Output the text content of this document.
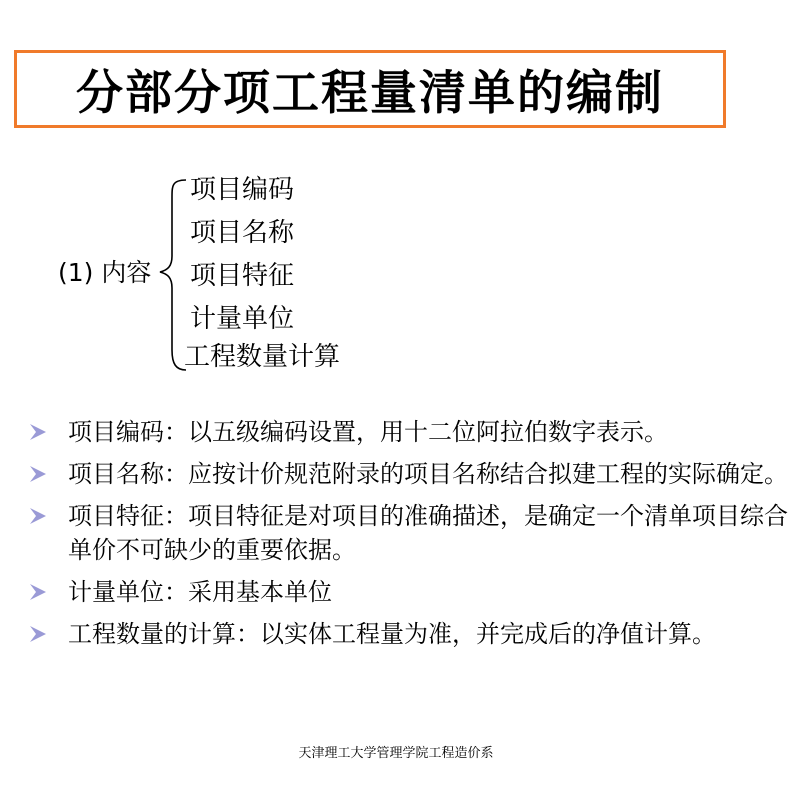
分部分项工程量清单的编制
(1) 内容
项目编码
项目名称
项目特征
计量单位
工程数量计算
项目编码：以五级编码设置，用十二位阿拉伯数字表示。
项目名称：应按计价规范附录的项目名称结合拟建工程的实际确定。
项目特征：项目特征是对项目的准确描述，是确定一个清单项目综合单价不可缺少的重要依据。
计量单位：采用基本单位
工程数量的计算：以实体工程量为准，并完成后的净值计算。
天津理工大学管理学院工程造价系
